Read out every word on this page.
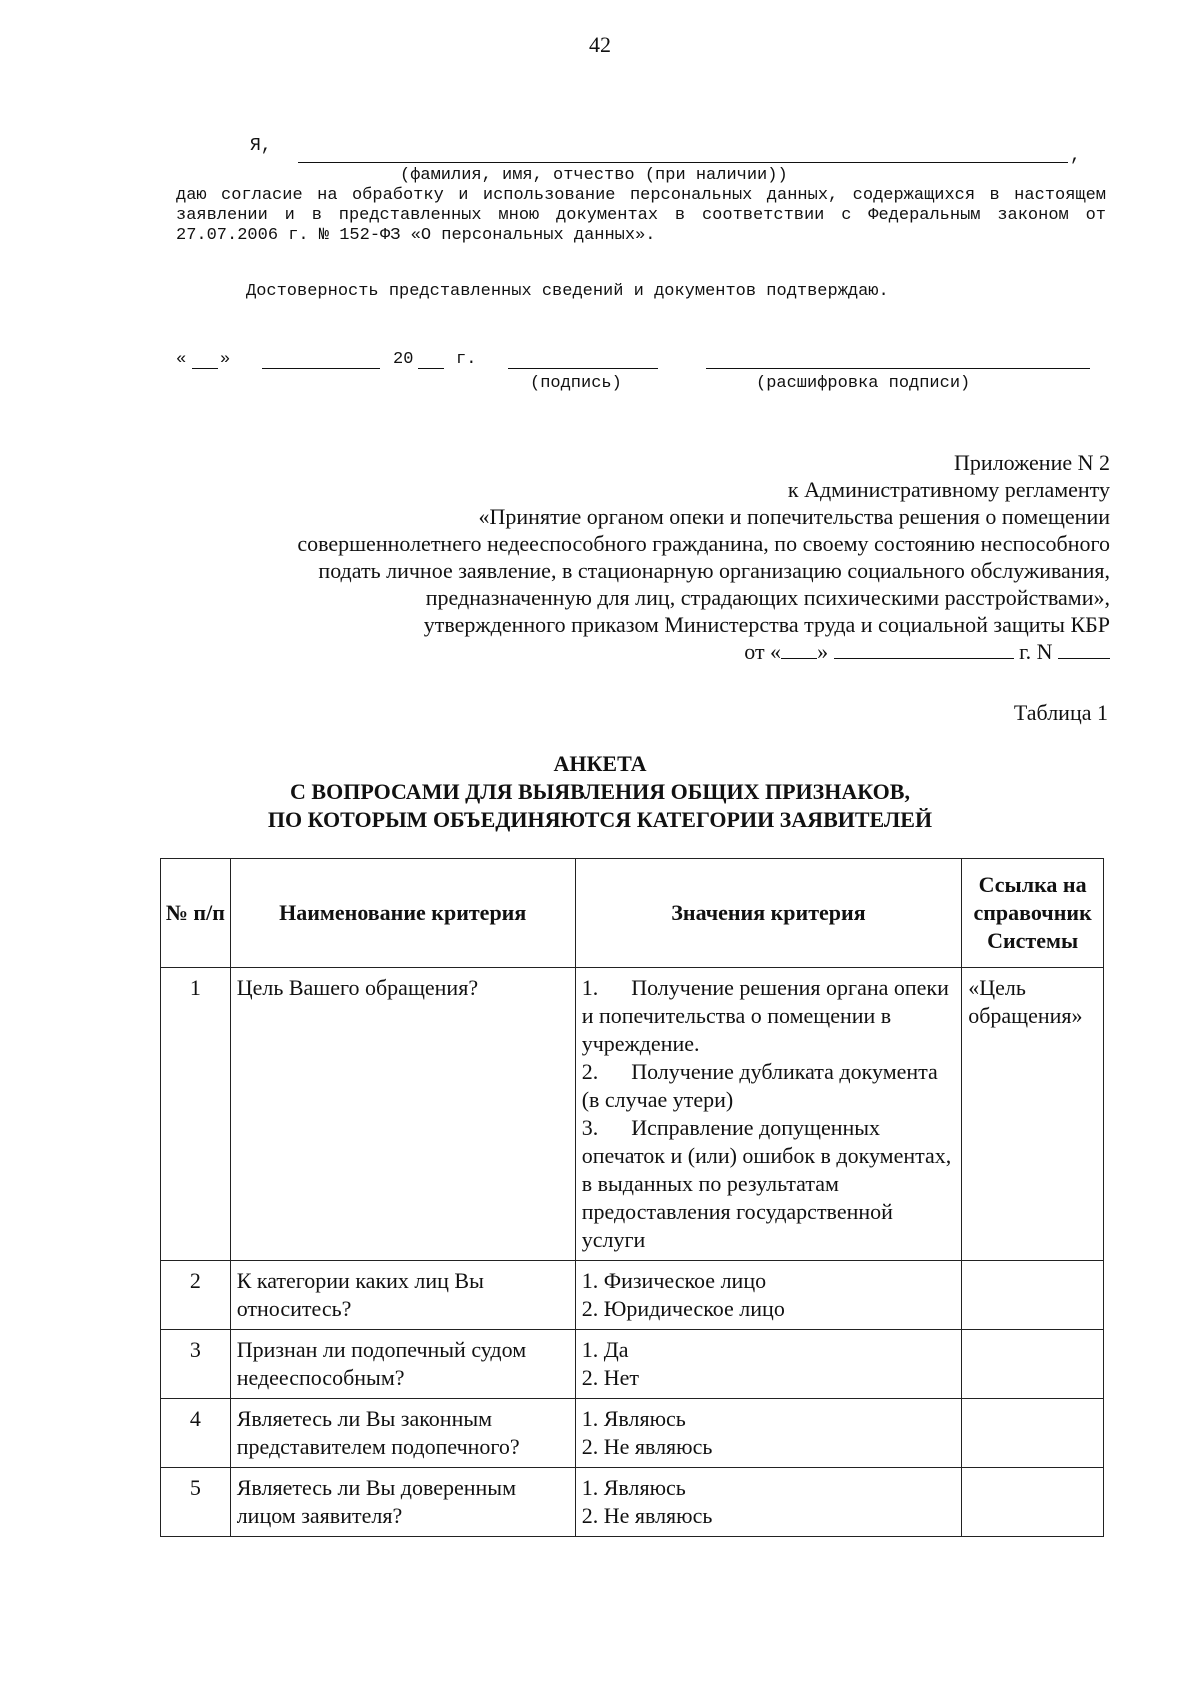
42
Я,	,
(фамилия, имя, отчество (при наличии))
даю согласие на обработку и использование персональных данных, содержащихся в настоящем заявлении и в представленных мною документах в соответствии с Федеральным законом от 27.07.2006 г. № 152-ФЗ «О персональных данных».
Достоверность представленных сведений и документов подтверждаю.
« »	20	г.
(подпись)	(расшифровка подписи)
Приложение N 2
к Административному регламенту
«Принятие органом опеки и попечительства решения о помещении
совершеннолетнего недееспособного гражданина, по своему состоянию неспособного
подать личное заявление, в стационарную организацию социального обслуживания,
предназначенную для лиц, страдающих психическими расстройствами»,
утвержденного приказом Министерства труда и социальной защиты КБР
от « »	г. N
Таблица 1
АНКЕТА
С ВОПРОСАМИ ДЛЯ ВЫЯВЛЕНИЯ ОБЩИХ ПРИЗНАКОВ,
ПО КОТОРЫМ ОБЪЕДИНЯЮТСЯ КАТЕГОРИИ ЗАЯВИТЕЛЕЙ
№ п/п	Наименование критерия	Значения критерия	Ссылка на справочник Системы
1	Цель Вашего обращения?	1.      Получение решения органа опеки и попечительства о помещении в учреждение.
2.      Получение дубликата документа (в случае утери)
3.      Исправление допущенных опечаток и (или) ошибок в документах, в выданных по результатам предоставления государственной услуги	«Цель обращения»
2	К категории каких лиц Вы относитесь?	1. Физическое лицо
2. Юридическое лицо	

3	Признан ли подопечный судом недееспособным?	1. Да
2. Нет	

4	Являетесь ли Вы законным представителем подопечного?	1. Являюсь
2. Не являюсь	

5	Являетесь ли Вы доверенным лицом заявителя?	1. Являюсь
2. Не являюсь	
